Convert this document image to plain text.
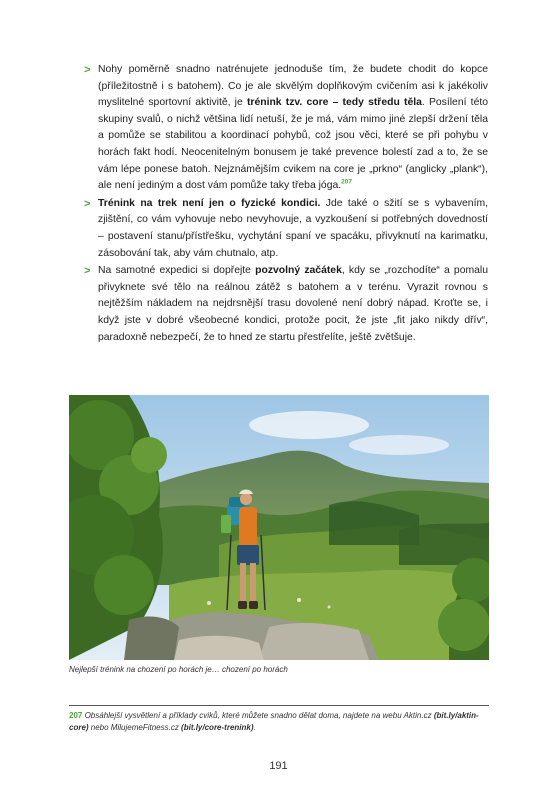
> Nohy poměrně snadno natrénujete jednoduše tím, že budete chodit do kopce (příležitostně i s batohem). Co je ale skvělým doplňkovým cvičením asi k jakékoliv myslitelné sportovní aktivitě, je trénink tzv. core – tedy středu těla. Posílení této skupiny svalů, o nichž většina lidí netuší, že je má, vám mimo jiné zlepší držení těla a pomůže se stabilitou a koordinací pohybů, což jsou věci, které se při pohybu v horách fakt hodí. Neocenitelným bonusem je také prevence bolestí zad a to, že se vám lépe ponese batoh. Nejznámějším cvikem na core je „prkno“ (anglicky „plank“), ale není jediným a dost vám pomůže taky třeba jóga.$^{207}$
> Trénink na trek není jen o fyzické kondici. Jde také o sžití se s vybavením, zjištění, co vám vyhovuje nebo nevyhovuje, a vyzkoušení si potřebných dovedností – postavení stanu/přístřešku, vychytání spaní ve spacáku, přivyknutí na karimatku, zásobování tak, aby vám chutnalo, atp.
> Na samotné expedici si dopřejte pozvolný začátek, kdy se „rozchodíte“ a pomalu přivyknete své tělo na reálnou zátěž s batohem a v terénu. Vyrazit rovnou s nejtěžším nákladem na nejdrsnější trasu dovolené není dobrý nápad. Kroťte se, i když jste v dobré všeobecné kondici, protože pocit, že jste „fit jako nikdy dřív“, paradoxně nebezpečí, že to hned ze startu přestřelíte, ještě zvětšuje.
Nejlepší trénink na chození po horách je… chození po horách
207 Obsáhlejší vysvětlení a příklady cviků, které můžete snadno dělat doma, najdete na webu Aktin.cz (bit.ly/aktin-core) nebo MilujemeFitness.cz (bit.ly/core-trenink).
191
